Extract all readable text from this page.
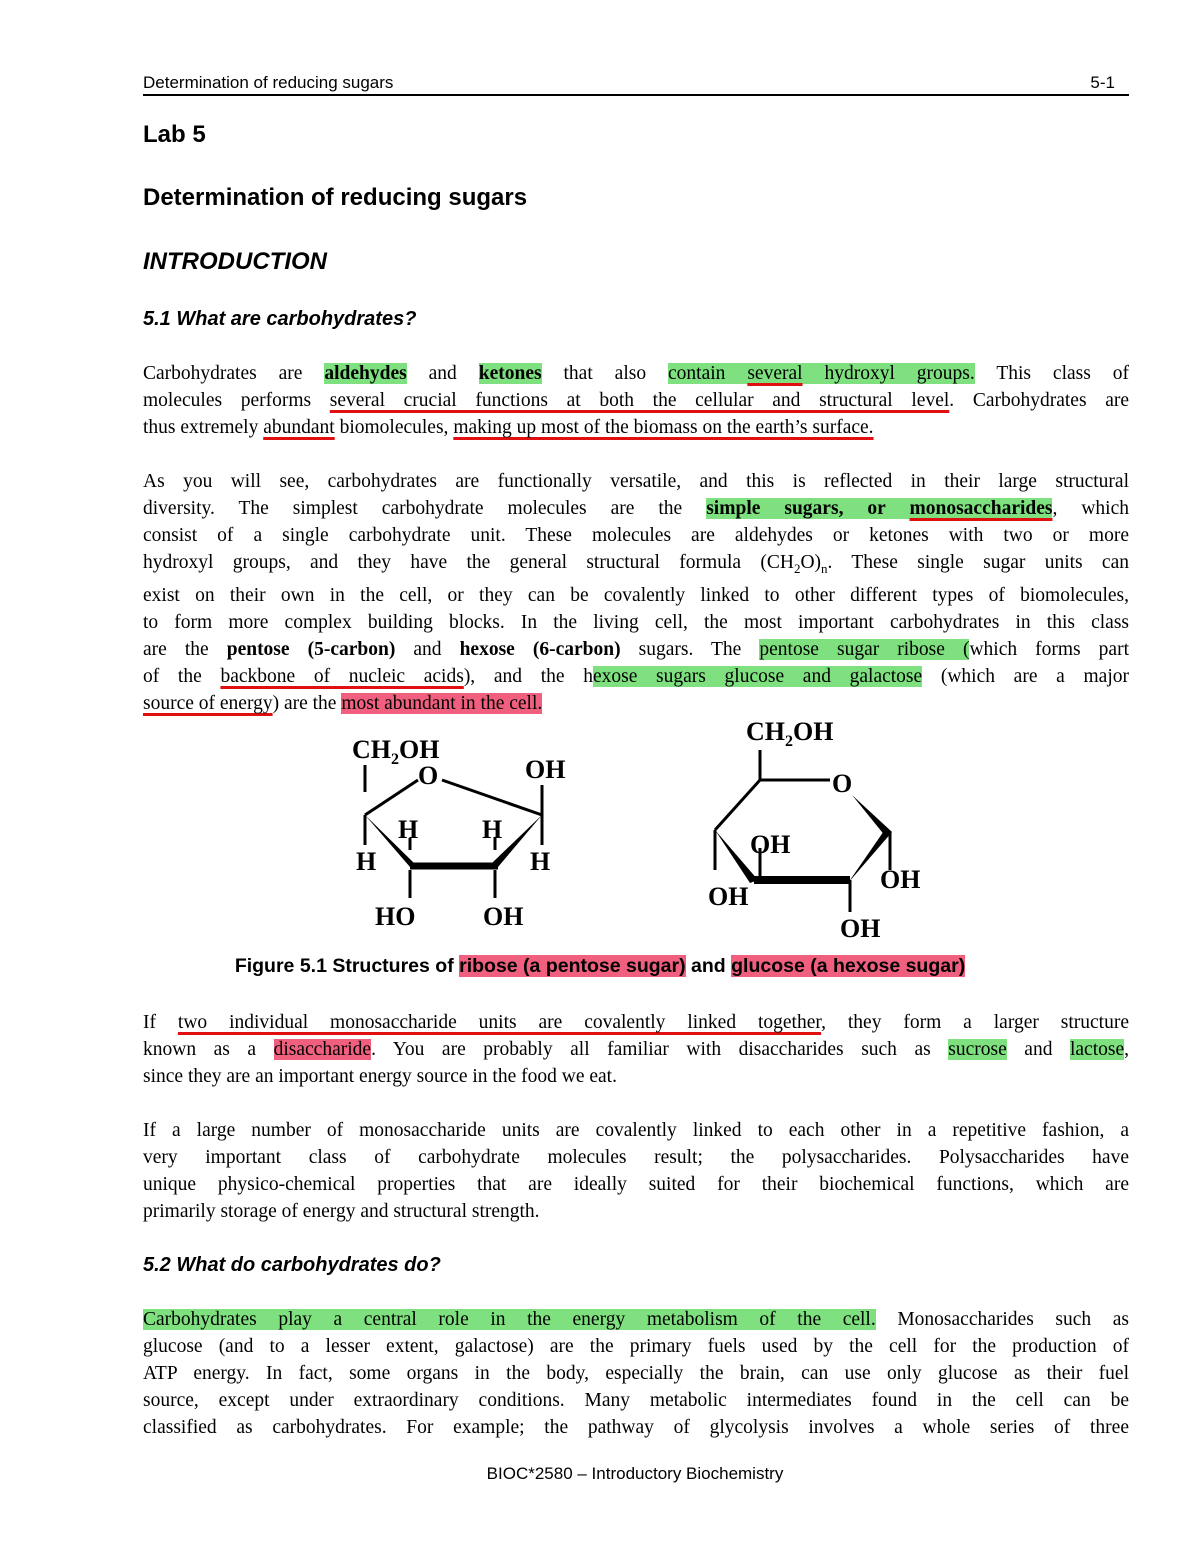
Determination of reducing sugars	5-1
Lab 5
Determination of reducing sugars
INTRODUCTION
5.1 What are carbohydrates?
Carbohydrates are aldehydes and ketones that also contain several hydroxyl groups. This class of
molecules performs several crucial functions at both the cellular and structural level. Carbohydrates are
thus extremely abundant biomolecules, making up most of the biomass on the earth’s surface.
As you will see, carbohydrates are functionally versatile, and this is reflected in their large structural
diversity. The simplest carbohydrate molecules are the simple sugars, or monosaccharides, which
consist of a single carbohydrate unit. These molecules are aldehydes or ketones with two or more
hydroxyl groups, and they have the general structural formula $(CH_2O)_n$. These single sugar units can
exist on their own in the cell, or they can be covalently linked to other different types of biomolecules,
to form more complex building blocks. In the living cell, the most important carbohydrates in this class
are the pentose (5-carbon) and hexose (6-carbon) sugars. The pentose sugar ribose (which forms part
of the backbone of nucleic acids), and the hexose sugars glucose and galactose (which are a major
source of energy) are the most abundant in the cell.
$CH_2OH$
O	OH
H H
H	H
HO	OH
$CH_2OH$
O
OH
OH
OH
OH
Figure 5.1 Structures of ribose (a pentose sugar) and glucose (a hexose sugar)
If two individual monosaccharide units are covalently linked together, they form a larger structure
known as a disaccharide. You are probably all familiar with disaccharides such as sucrose and lactose,
since they are an important energy source in the food we eat.
If a large number of monosaccharide units are covalently linked to each other in a repetitive fashion, a
very important class of carbohydrate molecules result; the polysaccharides. Polysaccharides have
unique physico-chemical properties that are ideally suited for their biochemical functions, which are
primarily storage of energy and structural strength.
5.2 What do carbohydrates do?
Carbohydrates play a central role in the energy metabolism of the cell. Monosaccharides such as
glucose (and to a lesser extent, galactose) are the primary fuels used by the cell for the production of
ATP energy. In fact, some organs in the body, especially the brain, can use only glucose as their fuel
source, except under extraordinary conditions. Many metabolic intermediates found in the cell can be
classified as carbohydrates. For example; the pathway of glycolysis involves a whole series of three
BIOC*2580 – Introductory Biochemistry
